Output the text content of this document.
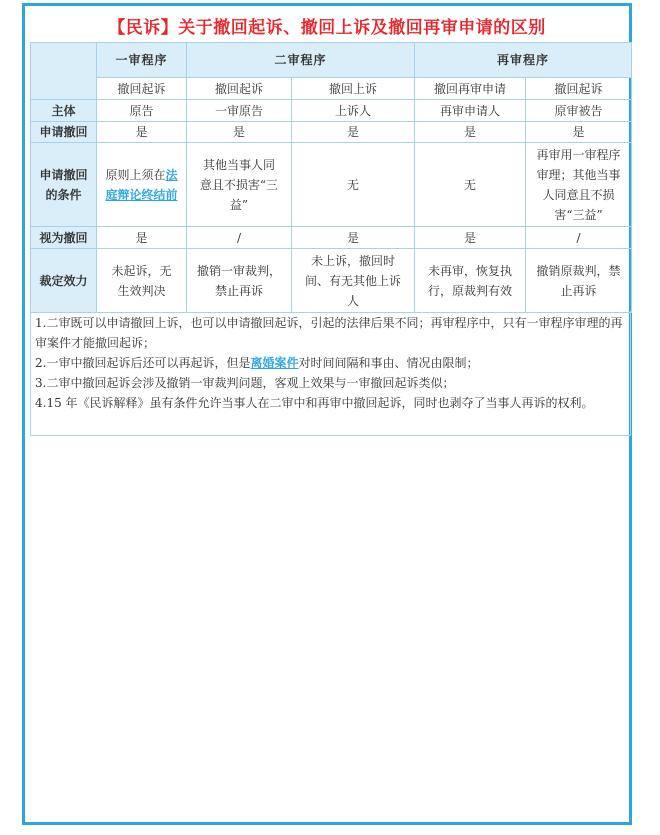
【民诉】关于撤回起诉、撤回上诉及撤回再审申请的区别
	一审程序	二审程序		再审程序	
	撤回起诉	撤回起诉	撤回上诉	撤回再审申请	撤回起诉
主体	原告	一审原告	上诉人	再审申请人	原审被告
申请撤回	是	是	是	是	是
申请撤回的条件	原则上须在法庭辩论终结前	其他当事人同意且不损害“三益”	无	无	再审用一审程序审理；其他当事人同意且不损害“三益”
视为撤回	是	/	是	是	/
裁定效力	未起诉，无生效判决	撤销一审裁判，禁止再诉	未上诉，撤回时间、有无其他上诉人	未再审，恢复执行，原裁判有效	撤销原裁判，禁止再诉

1.二审既可以申请撤回上诉，也可以申请撤回起诉，引起的法律后果不同；再审程序中，只有一审程序审理的再审案件才能撤回起诉；

2.一审中撤回起诉后还可以再起诉，但是离婚案件对时间间隔和事由、情况由限制；

3.二审中撤回起诉会涉及撤销一审裁判问题，客观上效果与一审撤回起诉类似；

4.15 年《民诉解释》虽有条件允许当事人在二审中和再审中撤回起诉，同时也剥夺了当事人再诉的权利。
